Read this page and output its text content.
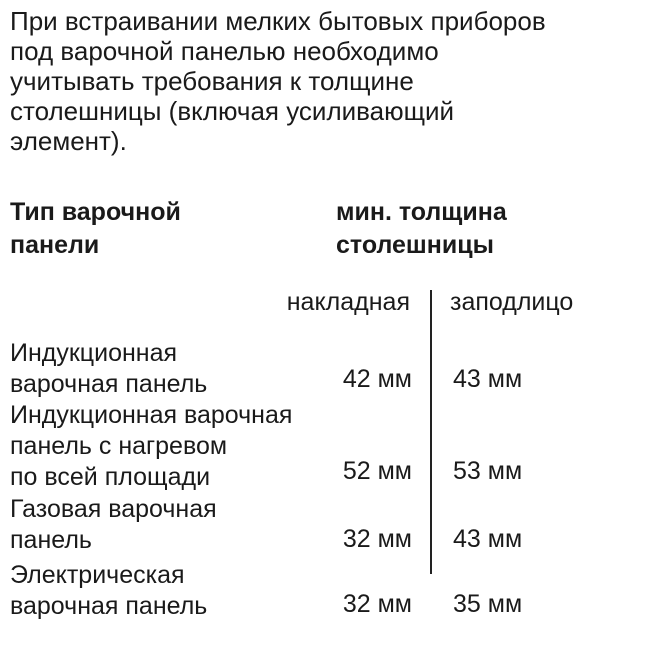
При встраивании мелких бытовых приборов
под варочной панелью необходимо
учитывать требования к толщине
столешницы (включая усиливающий
элемент).
Тип варочной
панели
мин. толщина
столешницы
накладная заподлицо
Индукционная
варочная панель	42 мм 43 мм
Индукционная варочная
панель с нагревом
по всей площади	52 мм 53 мм
Газовая варочная
панель	32 мм 43 мм
Электрическая
варочная панель	32 мм 35 мм
